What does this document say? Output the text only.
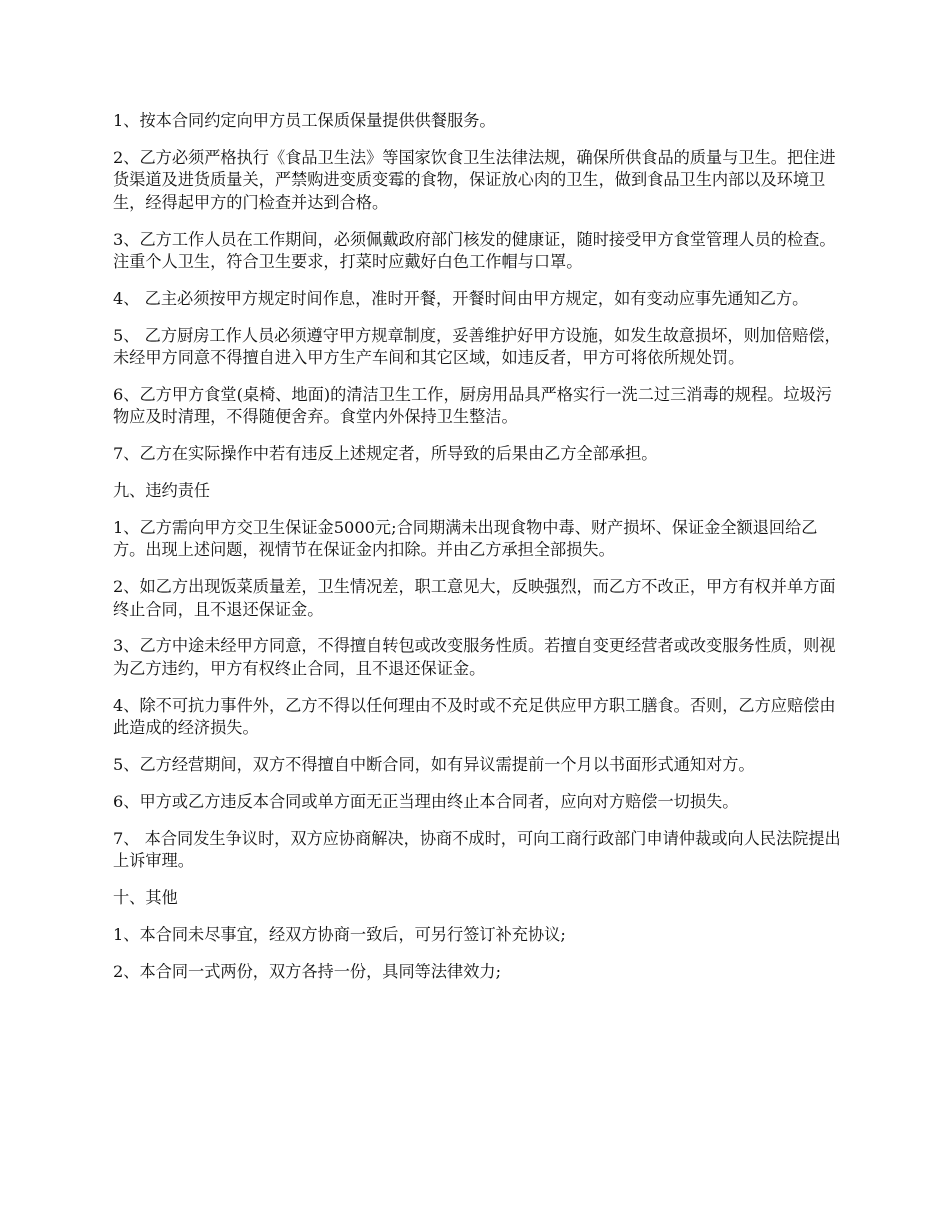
1、按本合同约定向甲方员工保质保量提供供餐服务。

2、乙方必须严格执行《食品卫生法》等国家饮食卫生法律法规，确保所供食品的质量与卫生。把住进货渠道及进货质量关，严禁购进变质变霉的食物，保证放心肉的卫生，做到食品卫生内部以及环境卫生，经得起甲方的门检查并达到合格。

3、乙方工作人员在工作期间，必须佩戴政府部门核发的健康证，随时接受甲方食堂管理人员的检查。注重个人卫生，符合卫生要求，打菜时应戴好白色工作帽与口罩。

4、 乙主必须按甲方规定时间作息，准时开餐，开餐时间由甲方规定，如有变动应事先通知乙方。

5、 乙方厨房工作人员必须遵守甲方规章制度，妥善维护好甲方设施，如发生故意损坏，则加倍赔偿，未经甲方同意不得擅自进入甲方生产车间和其它区域，如违反者，甲方可将依所规处罚。

6、乙方甲方食堂(桌椅、地面)的清洁卫生工作，厨房用品具严格实行一洗二过三消毒的规程。垃圾污物应及时清理，不得随便舍弃。食堂内外保持卫生整洁。

7、乙方在实际操作中若有违反上述规定者，所导致的后果由乙方全部承担。

九、违约责任

1、乙方需向甲方交卫生保证金5000元;合同期满未出现食物中毒、财产损坏、保证金全额退回给乙方。出现上述问题，视情节在保证金内扣除。并由乙方承担全部损失。

2、如乙方出现饭菜质量差，卫生情况差，职工意见大，反映强烈，而乙方不改正，甲方有权并单方面终止合同，且不退还保证金。

3、乙方中途未经甲方同意，不得擅自转包或改变服务性质。若擅自变更经营者或改变服务性质，则视为乙方违约，甲方有权终止合同，且不退还保证金。

4、除不可抗力事件外，乙方不得以任何理由不及时或不充足供应甲方职工膳食。否则，乙方应赔偿由此造成的经济损失。

5、乙方经营期间，双方不得擅自中断合同，如有异议需提前一个月以书面形式通知对方。

6、甲方或乙方违反本合同或单方面无正当理由终止本合同者，应向对方赔偿一切损失。

7、 本合同发生争议时，双方应协商解决，协商不成时，可向工商行政部门申请仲裁或向人民法院提出上诉审理。

十、其他

1、本合同未尽事宜，经双方协商一致后，可另行签订补充协议;

2、本合同一式两份，双方各持一份，具同等法律效力;
